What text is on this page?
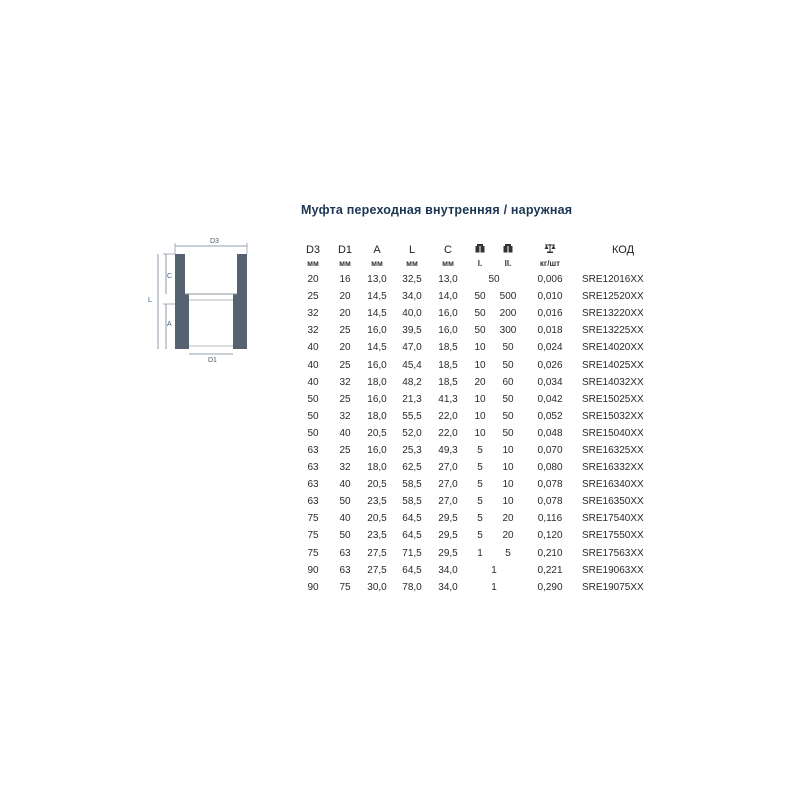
Муфта переходная внутренняя / наружная
D3
D1
C
A
L
D3	D1	A	L	C				КОД
мм	мм	мм	мм	мм	I.	II.	кг/шт	
20	16	13,0	32,5	13,0	50		0,006	SRE12016XX
25	20	14,5	34,0	14,0	50	500	0,010	SRE12520XX
32	20	14,5	40,0	16,0	50	200	0,016	SRE13220XX
32	25	16,0	39,5	16,0	50	300	0,018	SRE13225XX
40	20	14,5	47,0	18,5	10	50	0,024	SRE14020XX
40	25	16,0	45,4	18,5	10	50	0,026	SRE14025XX
40	32	18,0	48,2	18,5	20	60	0,034	SRE14032XX
50	25	16,0	21,3	41,3	10	50	0,042	SRE15025XX
50	32	18,0	55,5	22,0	10	50	0,052	SRE15032XX
50	40	20,5	52,0	22,0	10	50	0,048	SRE15040XX
63	25	16,0	25,3	49,3	5	10	0,070	SRE16325XX
63	32	18,0	62,5	27,0	5	10	0,080	SRE16332XX
63	40	20,5	58,5	27,0	5	10	0,078	SRE16340XX
63	50	23,5	58,5	27,0	5	10	0,078	SRE16350XX
75	40	20,5	64,5	29,5	5	20	0,116	SRE17540XX
75	50	23,5	64,5	29,5	5	20	0,120	SRE17550XX
75	63	27,5	71,5	29,5	1	5	0,210	SRE17563XX
90	63	27,5	64,5	34,0	1		0,221	SRE19063XX
90	75	30,0	78,0	34,0	1		0,290	SRE19075XX
